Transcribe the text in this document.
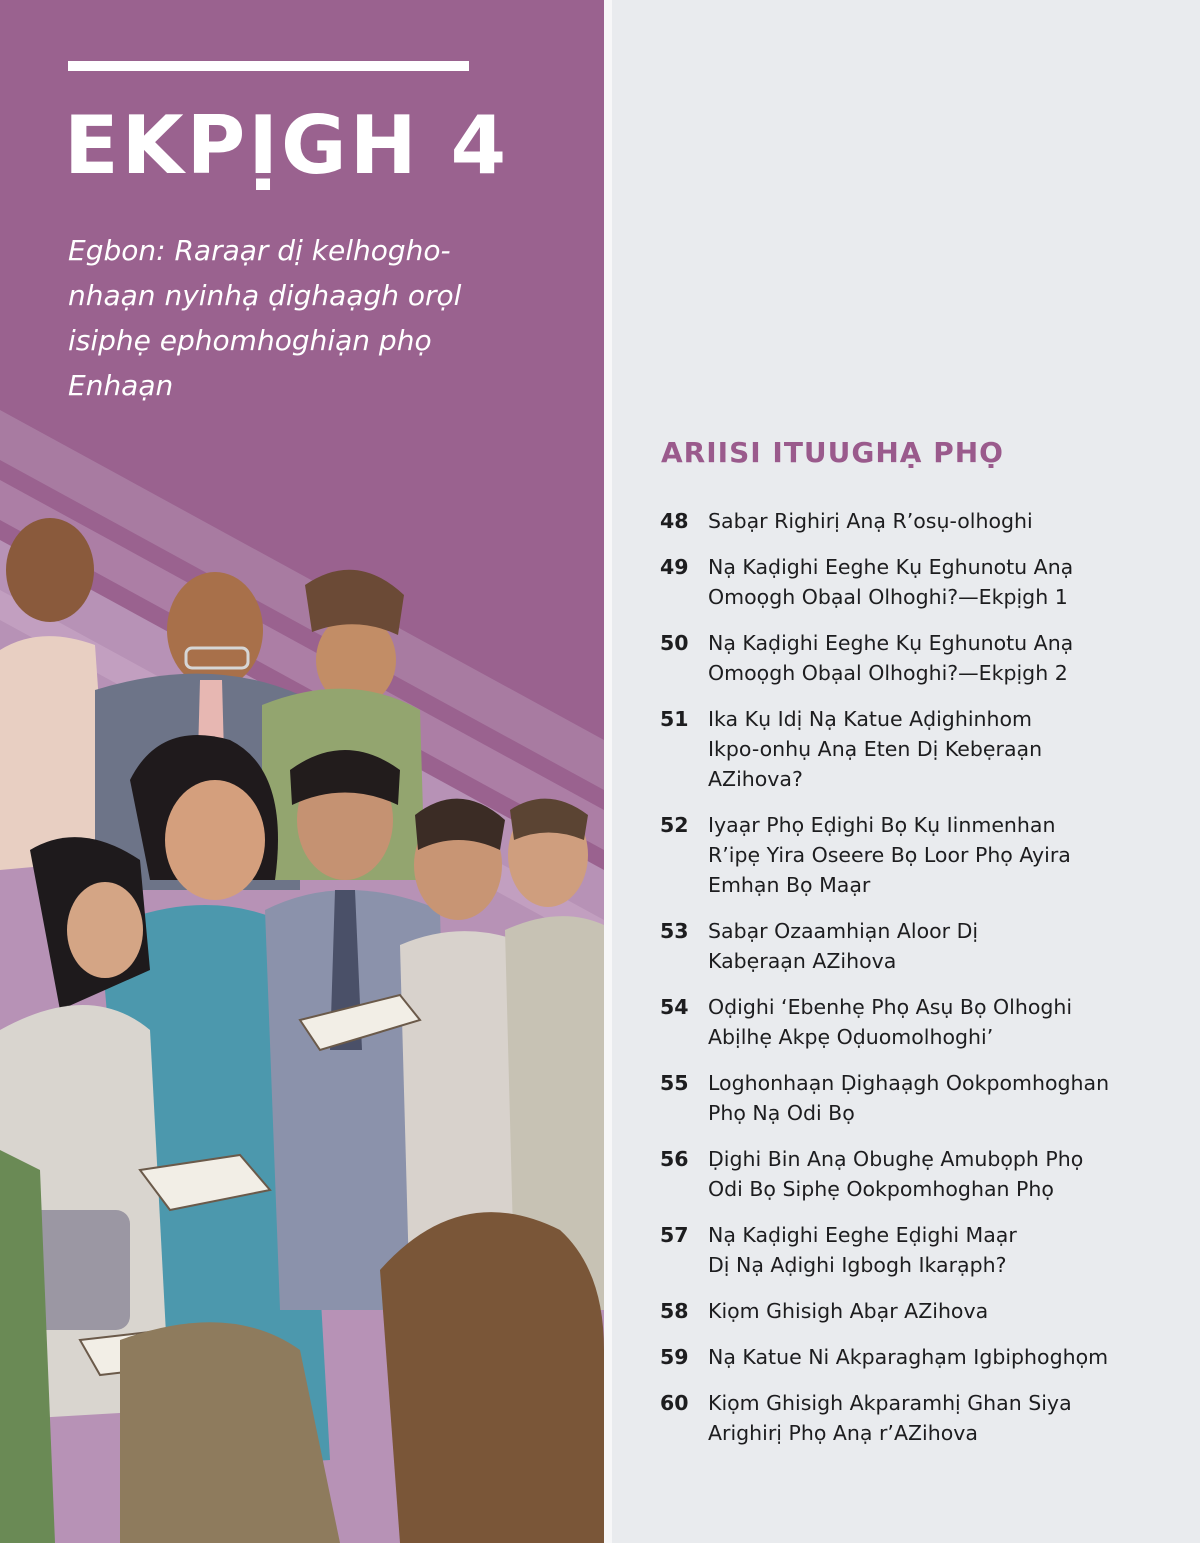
EKPỊGH 4

Egbon: Raraạr dị kelhogho-
nhaạn nyinhạ ḍighaạgh orọl
isiphẹ ephomhoghiạn phọ
Enhaạn

ARIISI ITUUGHẠ PHỌ
48 Sabạr Righirị Anạ R’osụ-olhoghi
49 Nạ Kaḍighi Eeghe Kụ Eghunotu Anạ
Omoọgh Obạal Olhoghi?—Ekpịgh 1
50 Nạ Kaḍighi Eeghe Kụ Eghunotu Anạ
Omoọgh Obạal Olhoghi?—Ekpịgh 2
51 Ika Kụ Idị Nạ Katue Aḍighinhom
Ikpo-onhụ Anạ Eten Dị Kebẹraạn
AZihova?
52 Iyaạr Phọ Eḍighi Bọ Kụ Iinmenhan
R’ipẹ Yira Oseere Bọ Loor Phọ Ayira
Emhạn Bọ Maạr
53 Sabạr Ozaamhiạn Aloor Dị
Kabẹraạn AZihova
54 Oḍighi ‘Ebenhẹ Phọ Asụ Bọ Olhoghi
Abịlhẹ Akpẹ Oḍuomolhoghi’
55 Loghonhaạn Ḍighaạgh Ookpomhoghan
Phọ Nạ Odi Bọ
56 Ḍighi Bin Anạ Obughẹ Amubọph Phọ
Odi Bọ Siphẹ Ookpomhoghan Phọ
57 Nạ Kaḍighi Eeghe Eḍighi Maạr
Dị Nạ Aḍighi Igbogh Ikarạph?
58 Kiọm Ghisigh Abạr AZihova
59 Nạ Katue Ni Akparaghạm Igbiphoghọm
60 Kiọm Ghisigh Akparamhị Ghan Siya
Arighirị Phọ Anạ r’AZihova
